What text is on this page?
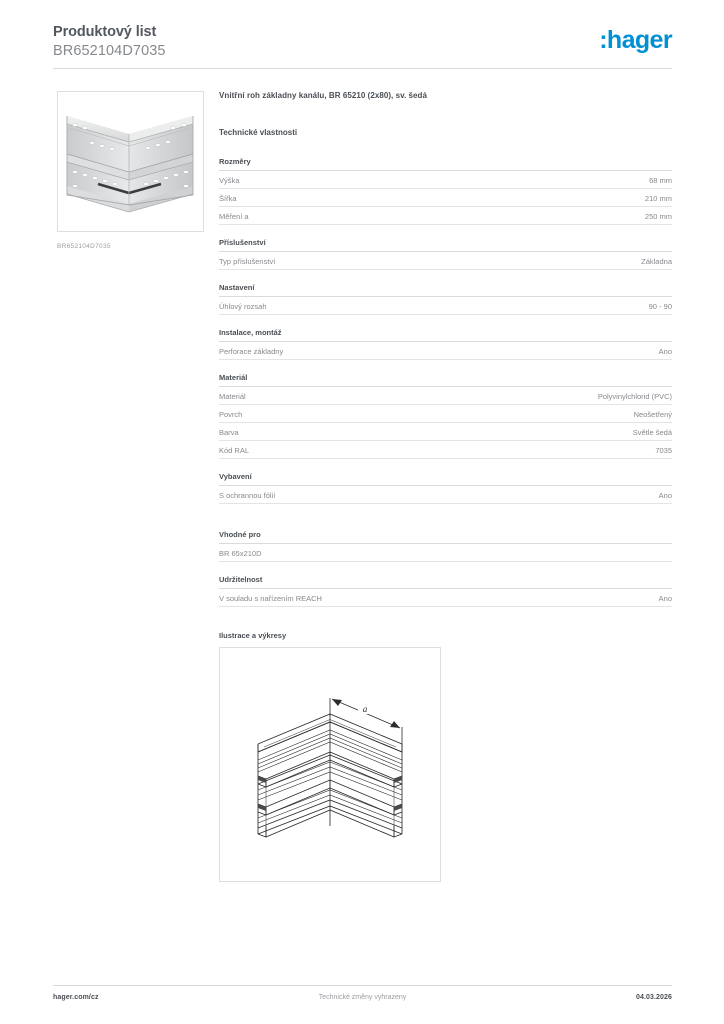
Produktový list
BR652104D7035	:hager
BR652104D7035
Vnitřní roh základny kanálu, BR 65210 (2x80), sv. šedá
Technické vlastnosti
Rozměry
Výška	68 mm
Šířka	210 mm
Měření a	250 mm
Příslušenství
Typ příslušenství	Základna
Nastavení
Úhlový rozsah	90 - 90
Instalace, montáž
Perforace základny	Ano
Materiál
Materiál	Polyvinylchlorid (PVC)
Povrch	Neošetřený
Barva	Světle šedá
Kód RAL	7035
Vybavení
S ochrannou fólií	Ano
Vhodné pro
BR 65x210D
Udržitelnost
V souladu s nařízením REACH	Ano
Ilustrace a výkresy
a
hager.com/cz	Technické změny vyhrazeny	04.03.2026
